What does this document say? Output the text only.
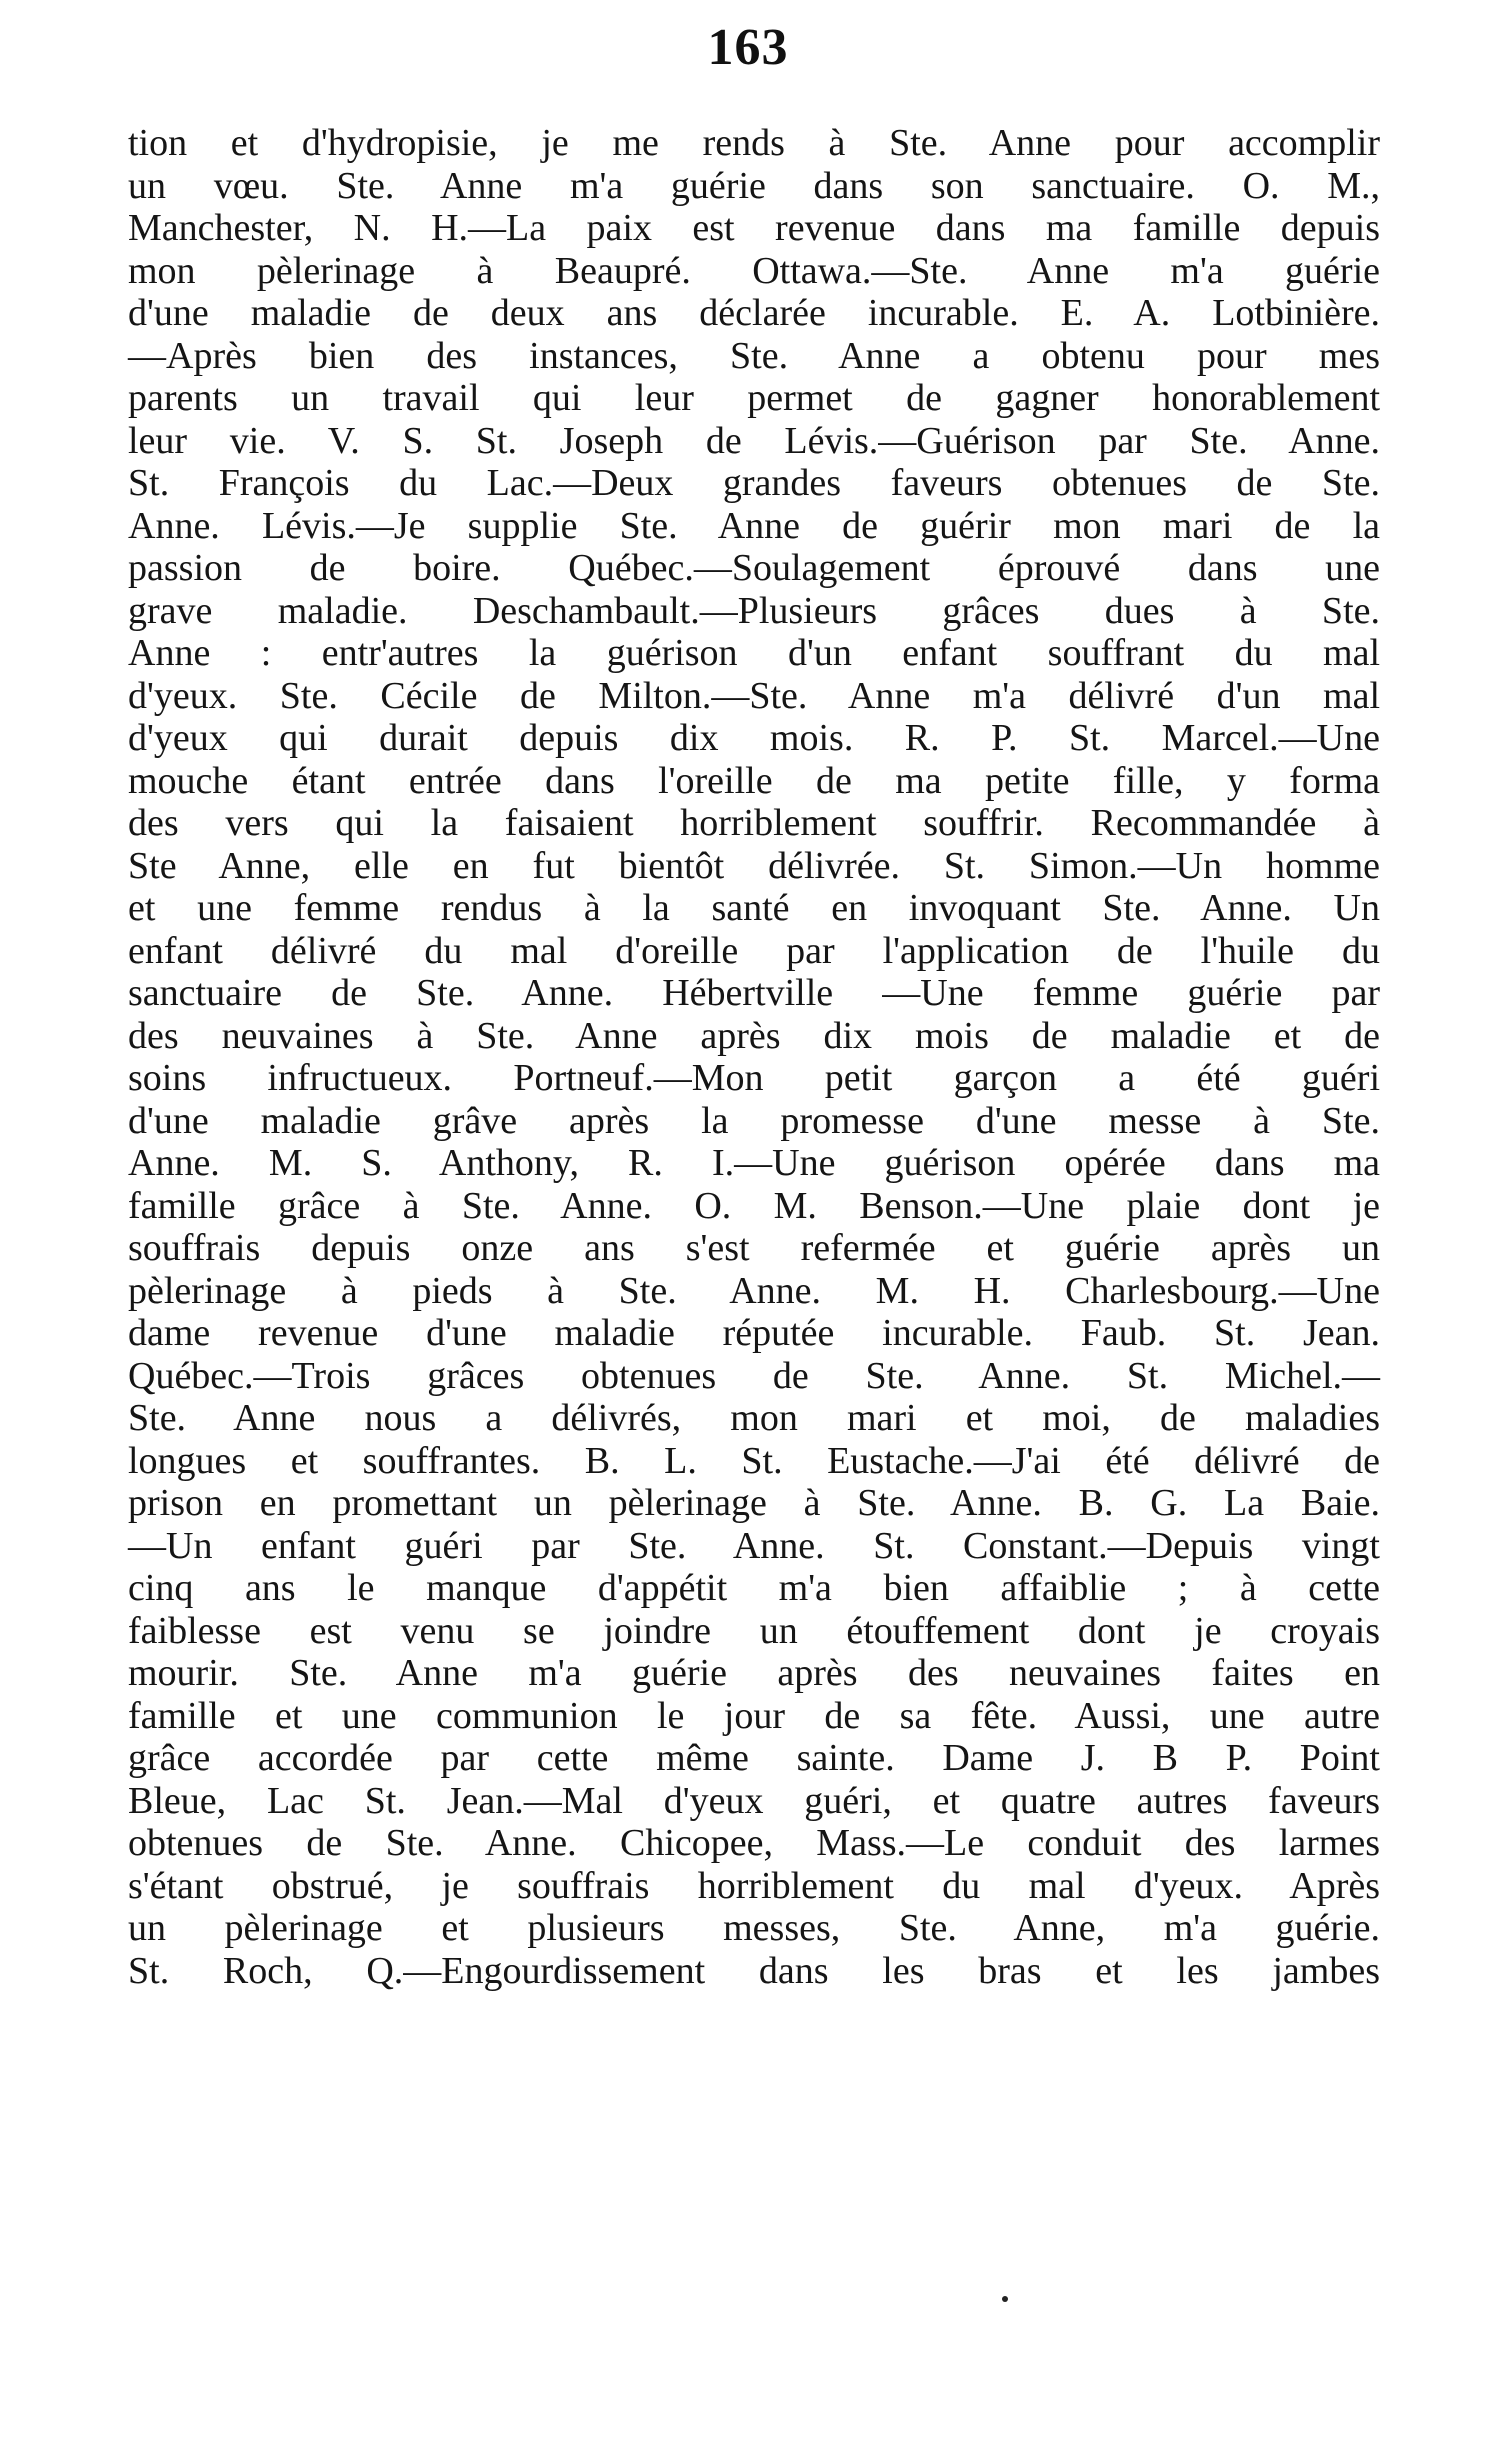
163
tion et d'hydropisie, je me rends à Ste. Anne pour accomplir
un vœu. Ste. Anne m'a guérie dans son sanctuaire. O. M.,
Manchester, N. H.—La paix est revenue dans ma famille depuis
mon pèlerinage à Beaupré. Ottawa.—Ste. Anne m'a guérie
d'une maladie de deux ans déclarée incurable. E. A. Lotbinière.
—Après bien des instances, Ste. Anne a obtenu pour mes
parents un travail qui leur permet de gagner honorablement
leur vie. V. S. St. Joseph de Lévis.—Guérison par Ste. Anne.
St. François du Lac.—Deux grandes faveurs obtenues de Ste.
Anne. Lévis.—Je supplie Ste. Anne de guérir mon mari de la
passion de boire. Québec.—Soulagement éprouvé dans une
grave maladie. Deschambault.—Plusieurs grâces dues à Ste.
Anne : entr'autres la guérison d'un enfant souffrant du mal
d'yeux. Ste. Cécile de Milton.—Ste. Anne m'a délivré d'un mal
d'yeux qui durait depuis dix mois. R. P. St. Marcel.—Une
mouche étant entrée dans l'oreille de ma petite fille, y forma
des vers qui la faisaient horriblement souffrir. Recommandée à
Ste Anne, elle en fut bientôt délivrée. St. Simon.—Un homme
et une femme rendus à la santé en invoquant Ste. Anne. Un
enfant délivré du mal d'oreille par l'application de l'huile du
sanctuaire de Ste. Anne. Hébertville —Une femme guérie par
des neuvaines à Ste. Anne après dix mois de maladie et de
soins infructueux. Portneuf.—Mon petit garçon a été guéri
d'une maladie grâve après la promesse d'une messe à Ste.
Anne. M. S. Anthony, R. I.—Une guérison opérée dans ma
famille grâce à Ste. Anne. O. M. Benson.—Une plaie dont je
souffrais depuis onze ans s'est refermée et guérie après un
pèlerinage à pieds à Ste. Anne. M. H. Charlesbourg.—Une
dame revenue d'une maladie réputée incurable. Faub. St. Jean.
Québec.—Trois grâces obtenues de Ste. Anne. St. Michel.—
Ste. Anne nous a délivrés, mon mari et moi, de maladies
longues et souffrantes. B. L. St. Eustache.—J'ai été délivré de
prison en promettant un pèlerinage à Ste. Anne. B. G. La Baie.
—Un enfant guéri par Ste. Anne. St. Constant.—Depuis vingt
cinq ans le manque d'appétit m'a bien affaiblie ; à cette
faiblesse est venu se joindre un étouffement dont je croyais
mourir. Ste. Anne m'a guérie après des neuvaines faites en
famille et une communion le jour de sa fête. Aussi, une autre
grâce accordée par cette même sainte. Dame J. B P. Point
Bleue, Lac St. Jean.—Mal d'yeux guéri, et quatre autres faveurs
obtenues de Ste. Anne. Chicopee, Mass.—Le conduit des larmes
s'étant obstrué, je souffrais horriblement du mal d'yeux. Après
un pèlerinage et plusieurs messes, Ste. Anne, m'a guérie.
St. Roch, Q.—Engourdissement dans les bras et les jambes
